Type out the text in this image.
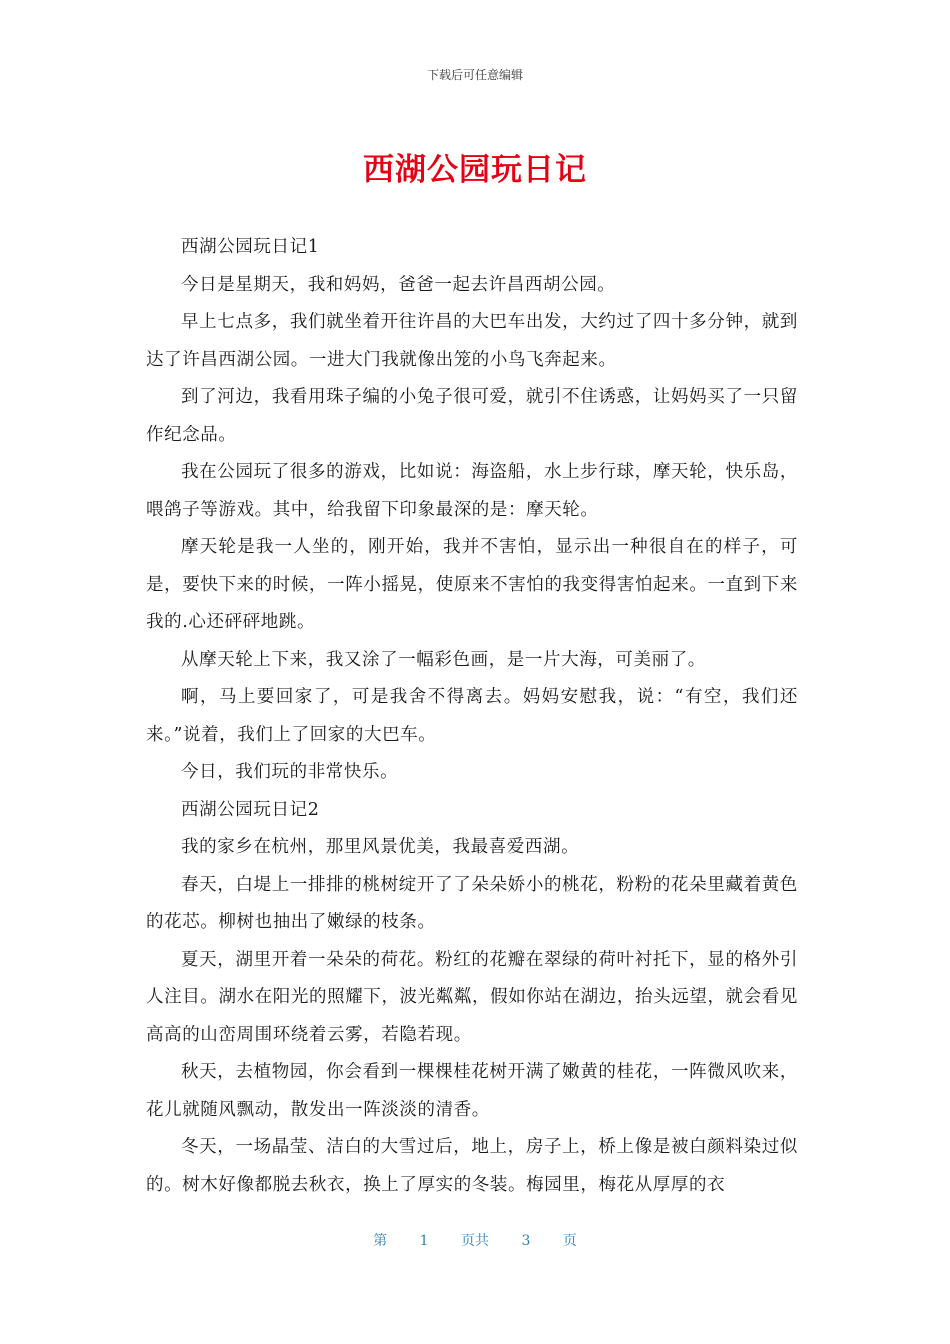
下载后可任意编辑
西湖公园玩日记

西湖公园玩日记1

今日是星期天，我和妈妈，爸爸一起去许昌西胡公园。

早上七点多，我们就坐着开往许昌的大巴车出发，大约过了四十多分钟，就到达了许昌西湖公园。一进大门我就像出笼的小鸟飞奔起来。

到了河边，我看用珠子编的小兔子很可爱，就引不住诱惑，让妈妈买了一只留作纪念品。

我在公园玩了很多的游戏，比如说：海盗船，水上步行球，摩天轮，快乐岛，喂鸽子等游戏。其中，给我留下印象最深的是：摩天轮。

摩天轮是我一人坐的，刚开始，我并不害怕，显示出一种很自在的样子，可是，要快下来的时候，一阵小摇晃，使原来不害怕的我变得害怕起来。一直到下来我的.心还砰砰地跳。

从摩天轮上下来，我又涂了一幅彩色画，是一片大海，可美丽了。

啊，马上要回家了，可是我舍不得离去。妈妈安慰我，说：“有空，我们还来。”说着，我们上了回家的大巴车。

今日，我们玩的非常快乐。

西湖公园玩日记2

我的家乡在杭州，那里风景优美，我最喜爱西湖。

春天，白堤上一排排的桃树绽开了了朵朵娇小的桃花，粉粉的花朵里藏着黄色的花芯。柳树也抽出了嫩绿的枝条。

夏天，湖里开着一朵朵的荷花。粉红的花瓣在翠绿的荷叶衬托下，显的格外引人注目。湖水在阳光的照耀下，波光粼粼，假如你站在湖边，抬头远望，就会看见高高的山峦周围环绕着云雾，若隐若现。

秋天，去植物园，你会看到一棵棵桂花树开满了嫩黄的桂花，一阵微风吹来，花儿就随风飘动，散发出一阵淡淡的清香。

冬天，一场晶莹、洁白的大雪过后，地上，房子上，桥上像是被白颜料染过似的。树木好像都脱去秋衣，换上了厚实的冬装。梅园里，梅花从厚厚的衣

第 1 页共 3 页
